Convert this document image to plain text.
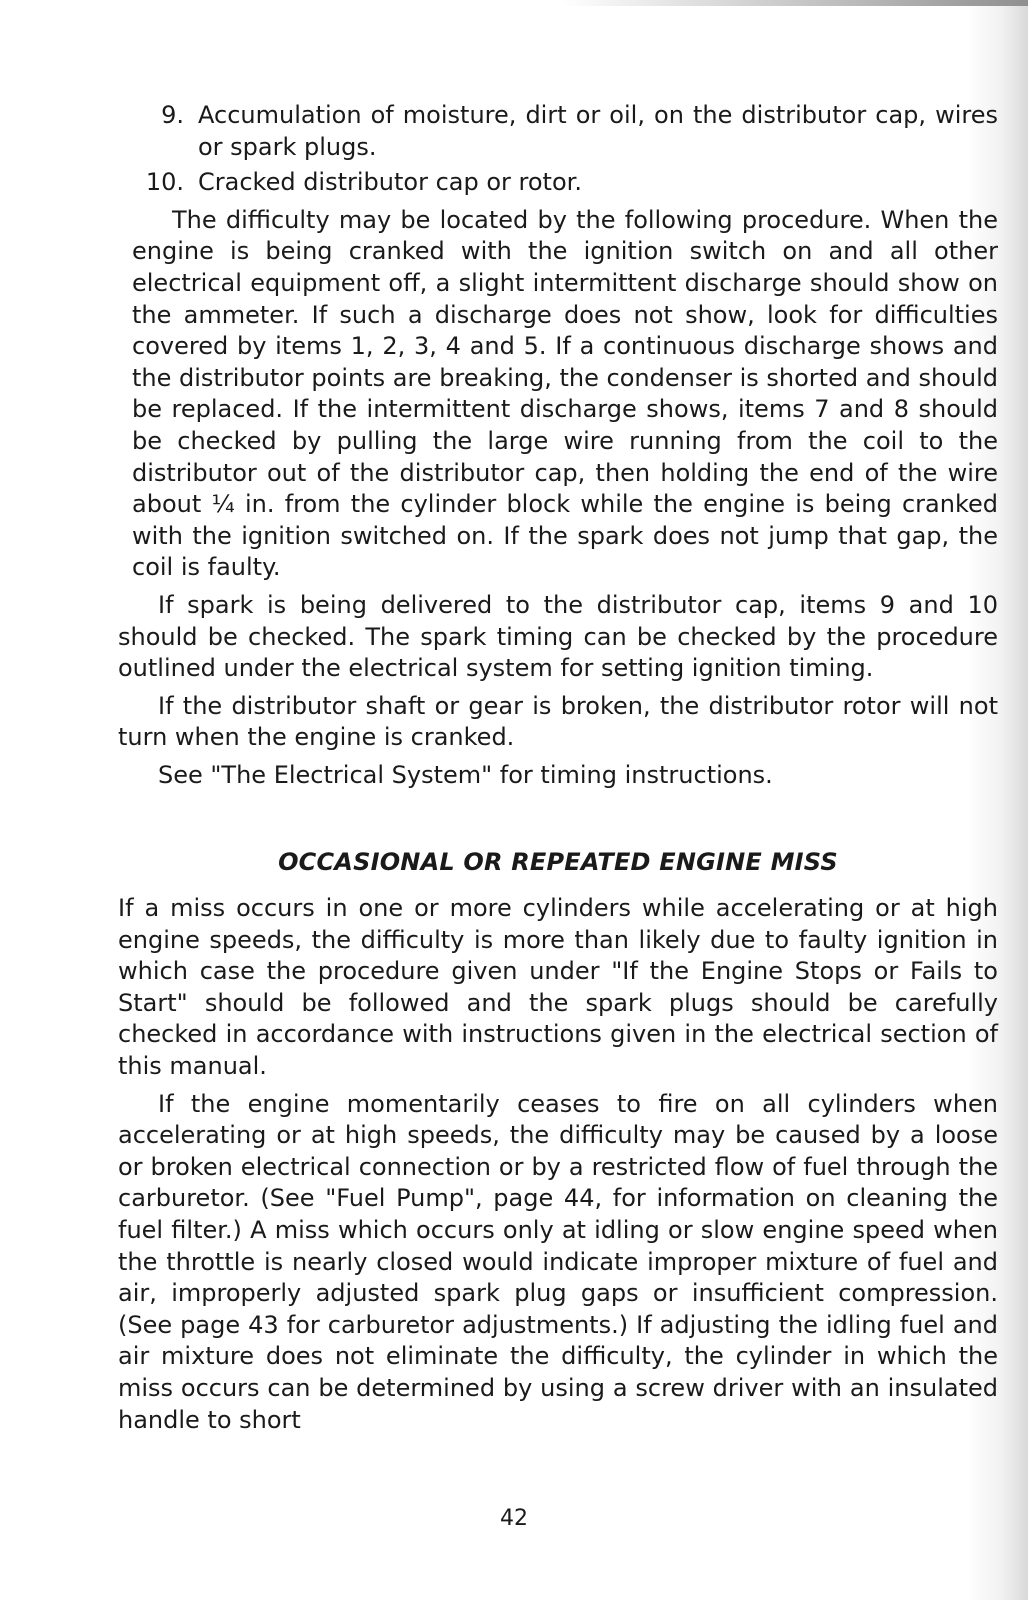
9. Accumulation of moisture, dirt or oil, on the distributor cap, wires or spark plugs.
10. Cracked distributor cap or rotor.

The difficulty may be located by the following procedure. When the engine is being cranked with the ignition switch on and all other electrical equipment off, a slight intermittent discharge should show on the ammeter. If such a discharge does not show, look for difficulties covered by items 1, 2, 3, 4 and 5. If a continuous discharge shows and the distributor points are breaking, the condenser is shorted and should be replaced. If the intermittent discharge shows, items 7 and 8 should be checked by pulling the large wire running from the coil to the distributor out of the distributor cap, then holding the end of the wire about ¼ in. from the cylinder block while the engine is being cranked with the ignition switched on. If the spark does not jump that gap, the coil is faulty.

If spark is being delivered to the distributor cap, items 9 and 10 should be checked. The spark timing can be checked by the procedure outlined under the electrical system for setting ignition timing.

If the distributor shaft or gear is broken, the distributor rotor will not turn when the engine is cranked.

See "The Electrical System" for timing instructions.

OCCASIONAL OR REPEATED ENGINE MISS

If a miss occurs in one or more cylinders while accelerating or at high engine speeds, the difficulty is more than likely due to faulty ignition in which case the procedure given under "If the Engine Stops or Fails to Start" should be followed and the spark plugs should be carefully checked in accordance with instructions given in the electrical section of this manual.

If the engine momentarily ceases to fire on all cylinders when accelerating or at high speeds, the difficulty may be caused by a loose or broken electrical connection or by a restricted flow of fuel through the carburetor. (See "Fuel Pump", page 44, for information on cleaning the fuel filter.) A miss which occurs only at idling or slow engine speed when the throttle is nearly closed would indicate improper mixture of fuel and air, improperly adjusted spark plug gaps or insufficient compression. (See page 43 for carburetor adjustments.) If adjusting the idling fuel and air mixture does not eliminate the difficulty, the cylinder in which the miss occurs can be determined by using a screw driver with an insulated handle to short

42
